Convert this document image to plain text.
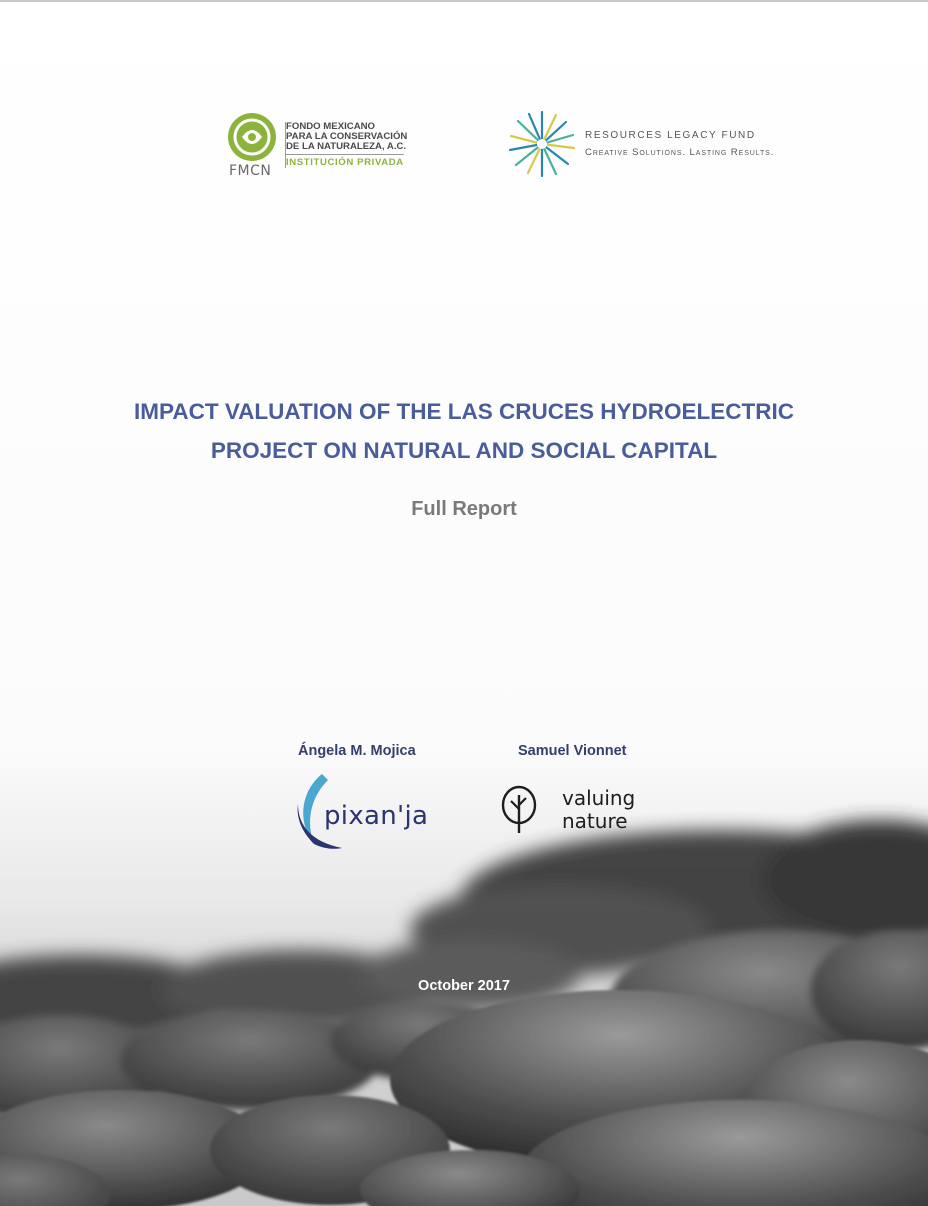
FMCN
FONDO MEXICANO
PARA LA CONSERVACIÓN
DE LA NATURALEZA, A.C.
INSTITUCIÓN PRIVADA
RESOURCES LEGACY FUND
Creative Solutions. Lasting Results.
IMPACT VALUATION OF THE LAS CRUCES HYDROELECTRIC
PROJECT ON NATURAL AND SOCIAL CAPITAL
Full Report
Ángela M. Mojica	Samuel Vionnet
pixan'ja
valuing
nature
October 2017
